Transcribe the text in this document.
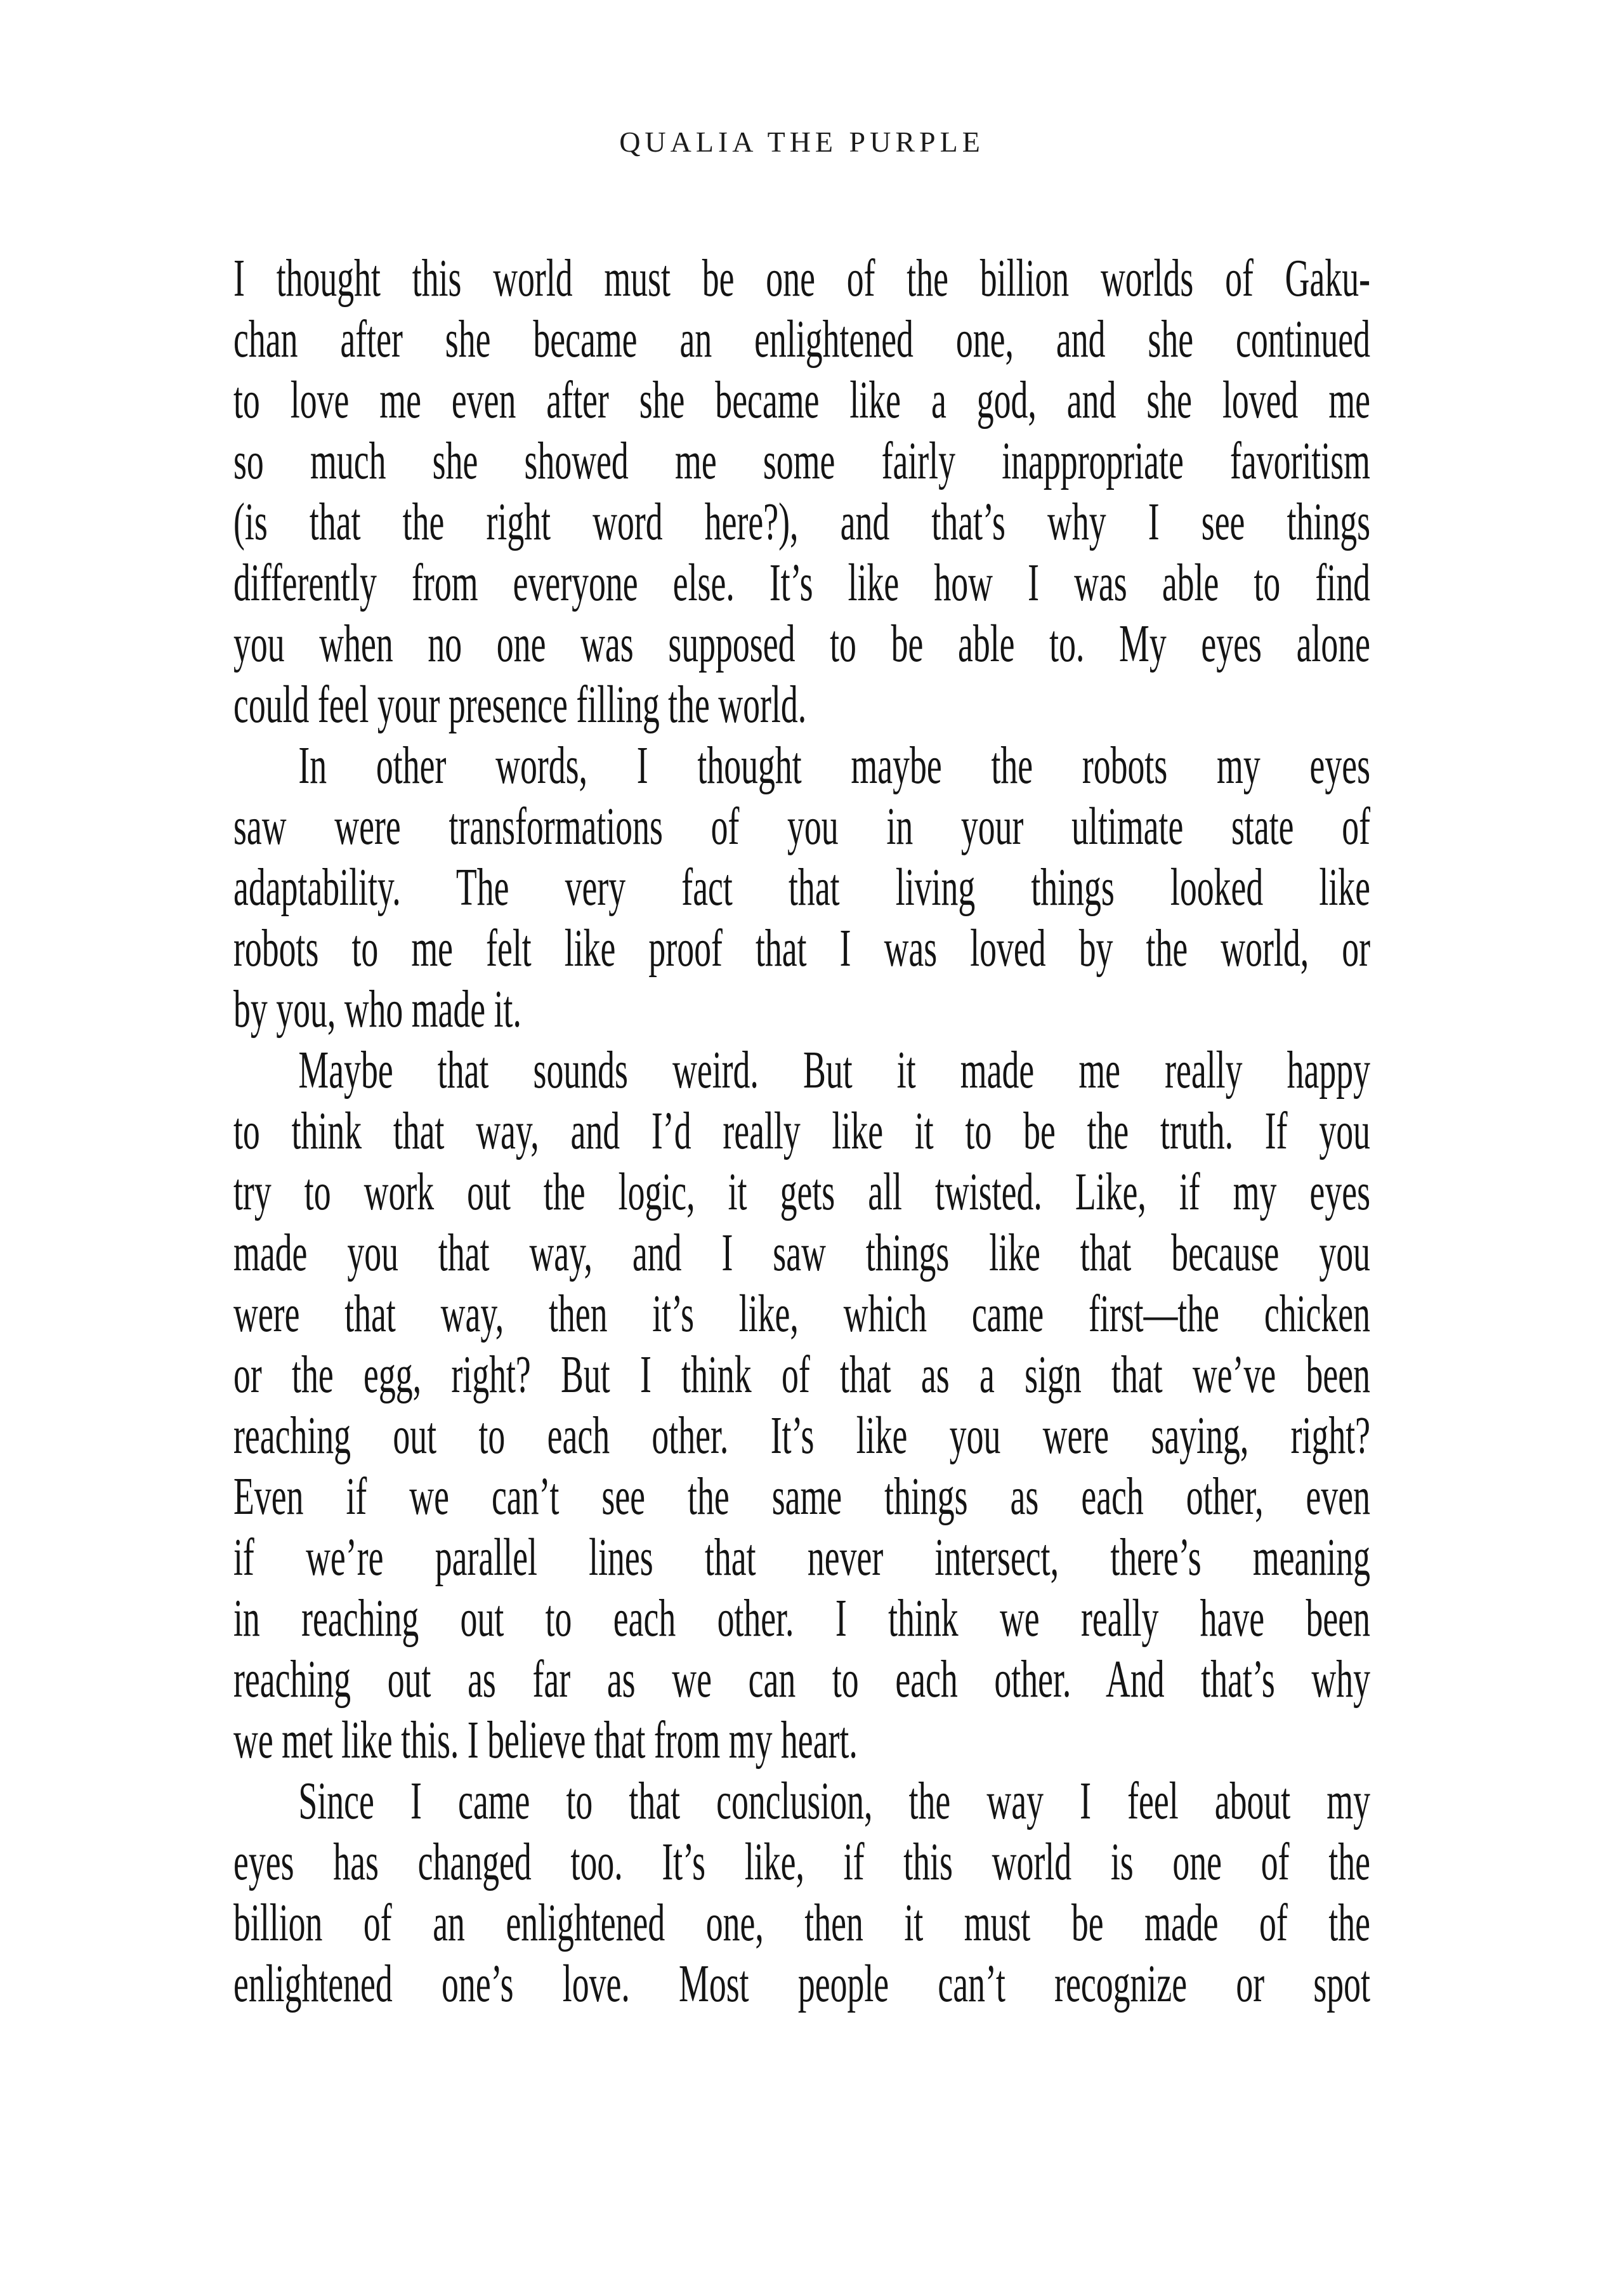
QUALIA THE PURPLE
I thought this world must be one of the billion worlds of Gaku-
chan after she became an enlightened one, and she continued
to love me even after she became like a god, and she loved me
so much she showed me some fairly inappropriate favoritism
(is that the right word here?), and that’s why I see things
differently from everyone else. It’s like how I was able to find
you when no one was supposed to be able to. My eyes alone
could feel your presence filling the world.
In other words, I thought maybe the robots my eyes
saw were transformations of you in your ultimate state of
adaptability. The very fact that living things looked like
robots to me felt like proof that I was loved by the world, or
by you, who made it.
Maybe that sounds weird. But it made me really happy
to think that way, and I’d really like it to be the truth. If you
try to work out the logic, it gets all twisted. Like, if my eyes
made you that way, and I saw things like that because you
were that way, then it’s like, which came first—the chicken
or the egg, right? But I think of that as a sign that we’ve been
reaching out to each other. It’s like you were saying, right?
Even if we can’t see the same things as each other, even
if we’re parallel lines that never intersect, there’s meaning
in reaching out to each other. I think we really have been
reaching out as far as we can to each other. And that’s why
we met like this. I believe that from my heart.
Since I came to that conclusion, the way I feel about my
eyes has changed too. It’s like, if this world is one of the
billion of an enlightened one, then it must be made of the
enlightened one’s love. Most people can’t recognize or spot
